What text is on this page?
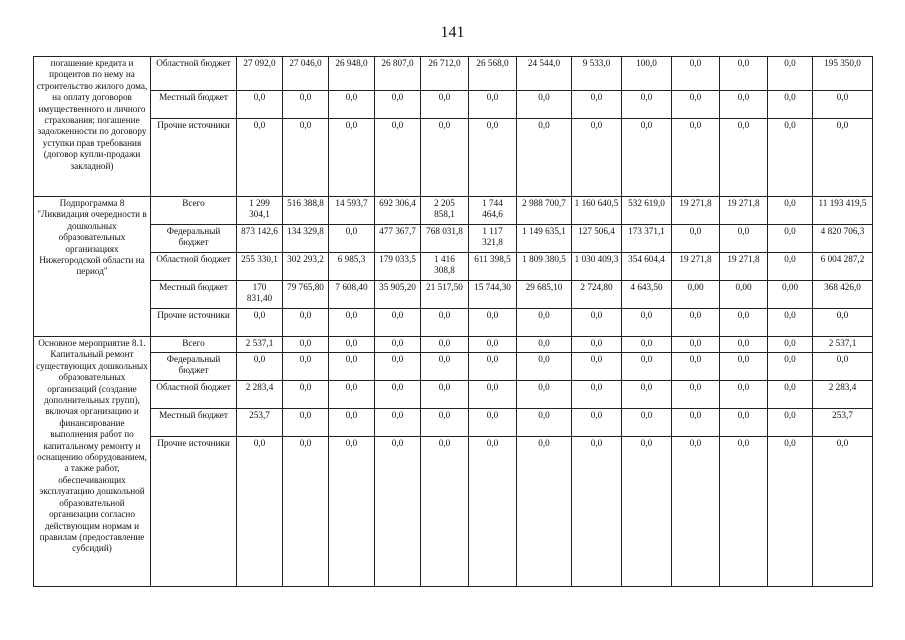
141
погашение кредита и процентов по нему на строительство жилого дома, на оплату договоров имущественного и личного страхования; погашение задолженности по договору уступки прав требования (договор купли-продажи закладной)	Областной бюджет	27 092,0	27 046,0	26 948,0	26 807,0	26 712,0	26 568,0	24 544,0	9 533,0	100,0	0,0	0,0	0,0	195 350,0
	Местный бюджет	0,0	0,0	0,0	0,0	0,0	0,0	0,0	0,0	0,0	0,0	0,0	0,0	0,0
	Прочие источники	0,0	0,0	0,0	0,0	0,0	0,0	0,0	0,0	0,0	0,0	0,0	0,0	0,0
Подпрограмма 8 "Ликвидация очередности в дошкольных образовательных организациях Нижегородской области на период"	Всего	1 299 304,1	516 388,8	14 593,7	692 306,4	2 205 858,1	1 744 464,6	2 988 700,7	1 160 640,5	532 619,0	19 271,8	19 271,8	0,0	11 193 419,5
	Федеральный бюджет	873 142,6	134 329,8	0,0	477 367,7	768 031,8	1 117 321,8	1 149 635,1	127 506,4	173 371,1	0,0	0,0	0,0	4 820 706,3
	Областной бюджет	255 330,1	302 293,2	6 985,3	179 033,5	1 416 308,8	611 398,5	1 809 380,5	1 030 409,3	354 604,4	19 271,8	19 271,8	0,0	6 004 287,2
	Местный бюджет	170 831,40	79 765,80	7 608,40	35 905,20	21 517,50	15 744,30	29 685,10	2 724,80	4 643,50	0,00	0,00	0,00	368 426,0
	Прочие источники	0,0	0,0	0,0	0,0	0,0	0,0	0,0	0,0	0,0	0,0	0,0	0,0	0,0
Основное мероприятие 8.1. Капитальный ремонт существующих дошкольных образовательных организаций (создание дополнительных групп), включая организацию и финансирование выполнения работ по капитальному ремонту и оснащению оборудованием, а также работ, обеспечивающих эксплуатацию дошкольной образовательной организации согласно действующим нормам и правилам (предоставление субсидий)	Всего	2 537,1	0,0	0,0	0,0	0,0	0,0	0,0	0,0	0,0	0,0	0,0	0,0	2 537,1
	Федеральный бюджет	0,0	0,0	0,0	0,0	0,0	0,0	0,0	0,0	0,0	0,0	0,0	0,0	0,0
	Областной бюджет	2 283,4	0,0	0,0	0,0	0,0	0,0	0,0	0,0	0,0	0,0	0,0	0,0	2 283,4
	Местный бюджет	253,7	0,0	0,0	0,0	0,0	0,0	0,0	0,0	0,0	0,0	0,0	0,0	253,7
	Прочие источники	0,0	0,0	0,0	0,0	0,0	0,0	0,0	0,0	0,0	0,0	0,0	0,0	0,0
